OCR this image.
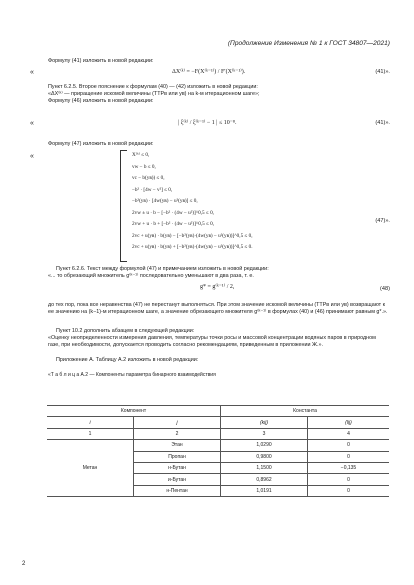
(Продолжение Изменения № 1 к ГОСТ 34807—2021)
Формулу (41) изложить в новой редакции:
«	ΔX⁽ᵏ⁾ = −F(X⁽ᵏ⁻¹⁾) / F′(X⁽ᵏ⁻¹⁾).	(41)».
Пункт 6.2.5. Второе пояснение к формулам (40) — (42) изложить в новой редакции:
«ΔX⁽ᵏ⁾ — приращение искомой величины (ТТРв или yв) на k-м итерационном шаге»;
Формулу (46) изложить в новой редакции:
«	| ξ⁽ᵏ⁾ / ξ⁽ᵏ⁻¹⁾ − 1 | ≤ 10⁻⁸.	(41)».
Формулу (47) изложить в новой редакции:
«	X⁽ᵏ⁾ ≤ 0,
vw − b ≤ 0,
vc − b(yв)) ≤ 0,
−b² · [4w − v²] ≤ 0,
−b²(yв) · [4w(yв) − u²(yв)] ≤ 0,
2vw ± u · b − [−b² · (4w − u²)]^0,5 ≤ 0,
2vw + u · b + [−b² · (4w − u²)]^0,5 ≤ 0,
2vc + u(yв) · b(yв) − [−b²(yв)·(4w(yв) − u²(yв))]^0,5 ≤ 0,
2vc + u(yв) · b(yв) + [−b²(yв)·(4w(yв) − u²(yв))]^0,5 ≤ 0.
(47)».
Пункт 6.2.6. Текст между формулой (47) и примечанием изложить в новой редакции:
«... то обрезающий множитель g⁽ᵏ⁻¹⁾ последовательно уменьшают в два раза, т. е.
g* = g⁽ᵏ⁻¹⁾ / 2,	(48)
до тех пор, пока все неравенства (47) не перестанут выполняться. При этом значение искомой величины (ТТРв или yв) возвращают к ее значению на (k−1)-м итерационном шаге, а значение обрезающего множителя g⁽ᵏ⁻¹⁾ в формулах (40) и (46) принимают равным g*.».
Пункт 10.2 дополнить абзацем в следующей редакции:
«Оценку неопределенности измерения давления, температуры точки росы и массовой концентрации водяных паров в природном газе, при необходимости, допускается проводить согласно рекомендациям, приведенным в приложении Ж.».
Приложение А. Таблицу А.2 изложить в новой редакции:
«Т а б л и ц а А.2 — Компоненты параметра бинарного взаимодействия
Компонент		Константа	
i	j	(kij)	(lij)
1	2	3	4
Метан	Этан	1,0290	0
	Пропан	0,9800	0
	н-Бутан	1,1500	−0,135
	и-Бутан	0,8962	0
	н-Пентан	1,0191	0
2
